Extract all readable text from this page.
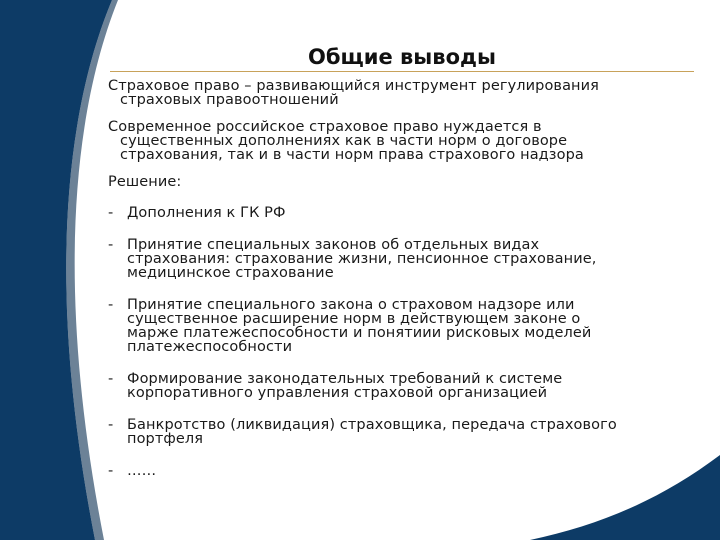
Общие выводы
Страховое право – развивающийся инструмент регулирования
страховых правоотношений
Современное российское страховое право нуждается в
существенных дополнениях как в части норм о договоре
страхования, так и в части норм права страхового надзора
Решение:
- Дополнения к ГК РФ
- Принятие специальных законов об отдельных видах
страхования: страхование жизни, пенсионное страхование,
медицинское страхование
- Принятие специального закона о страховом надзоре или
существенное расширение норм в действующем законе о
марже платежеспособности и понятиии рисковых моделей
платежеспособности
- Формирование законодательных требований к системе
корпоративного управления страховой организацией
- Банкротство (ликвидация) страховщика, передача страхового
портфеля
- ……
